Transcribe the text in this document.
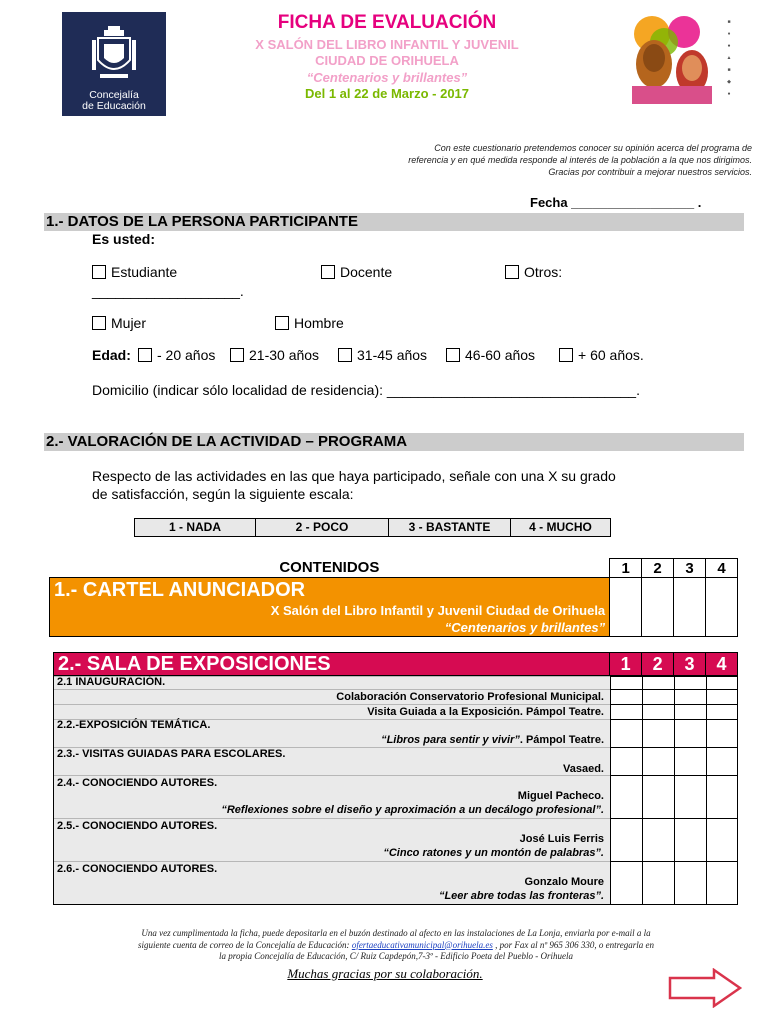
Concejalía
de Educación
FICHA DE EVALUACIÓN
X SALÓN DEL LIBRO INFANTIL Y JUVENIL
CIUDAD DE ORIHUELA
“Centenarios y brillantes”
Del 1 al 22 de Marzo - 2017
■
♦
●
▲
■
◆
●
Con este cuestionario pretendemos conocer su opinión acerca del programa de
referencia y en qué medida responde al interés de la población a la que nos dirigimos.
Gracias por contribuir a mejorar nuestros servicios.
Fecha _________________ .
1.- DATOS DE LA PERSONA PARTICIPANTE
Es usted:
Estudiante	Docente	Otros:
___________________.
Mujer	Hombre
Edad:	- 20 años	21-30 años	31-45 años	46-60 años	+ 60 años.
Domicilio (indicar sólo localidad de residencia): ________________________________.
2.- VALORACIÓN DE LA ACTIVIDAD – PROGRAMA
Respecto de las actividades en las que haya participado, señale con una X su grado
de satisfacción, según la siguiente escala:
1 - NADA	2 - POCO	3 - BASTANTE	4 - MUCHO
CONTENIDOS	1	2	3	4

1.- CARTEL ANUNCIADOR
X Salón del Libro Infantil y Juvenil Ciudad de Orihuela
“Centenarios y brillantes”				

2.- SALA DE EXPOSICIONES	1	2	3	4
2.1 INAUGURACIÓN.
Colaboración Conservatorio Profesional Municipal.
Visita Guiada a la Exposición. Pámpol Teatre.
2.2.-EXPOSICIÓN TEMÁTICA.
“Libros para sentir y vivir”. Pámpol Teatre.
2.3.- VISITAS GUIADAS PARA ESCOLARES.
Vasaed.
2.4.- CONOCIENDO AUTORES.
Miguel Pacheco.
“Reflexiones sobre el diseño y aproximación a un decálogo profesional”.
2.5.- CONOCIENDO AUTORES.
José Luis Ferris
“Cinco ratones y un montón de palabras”.
2.6.- CONOCIENDO AUTORES.
Gonzalo Moure
“Leer abre todas las fronteras”.
Una vez cumplimentada la ficha, puede depositarla en el buzón destinado al afecto en las instalaciones de La Lonja, enviarla por e-mail a la
siguiente cuenta de correo de la Concejalía de Educación: ofertaeducativamunicipal@orihuela.es , por Fax al nº 965 306 330, o entregarla en
la propia Concejalía de Educación, C/ Ruiz Capdepón,7-3º - Edificio Poeta del Pueblo - Orihuela
Muchas gracias por su colaboración.
